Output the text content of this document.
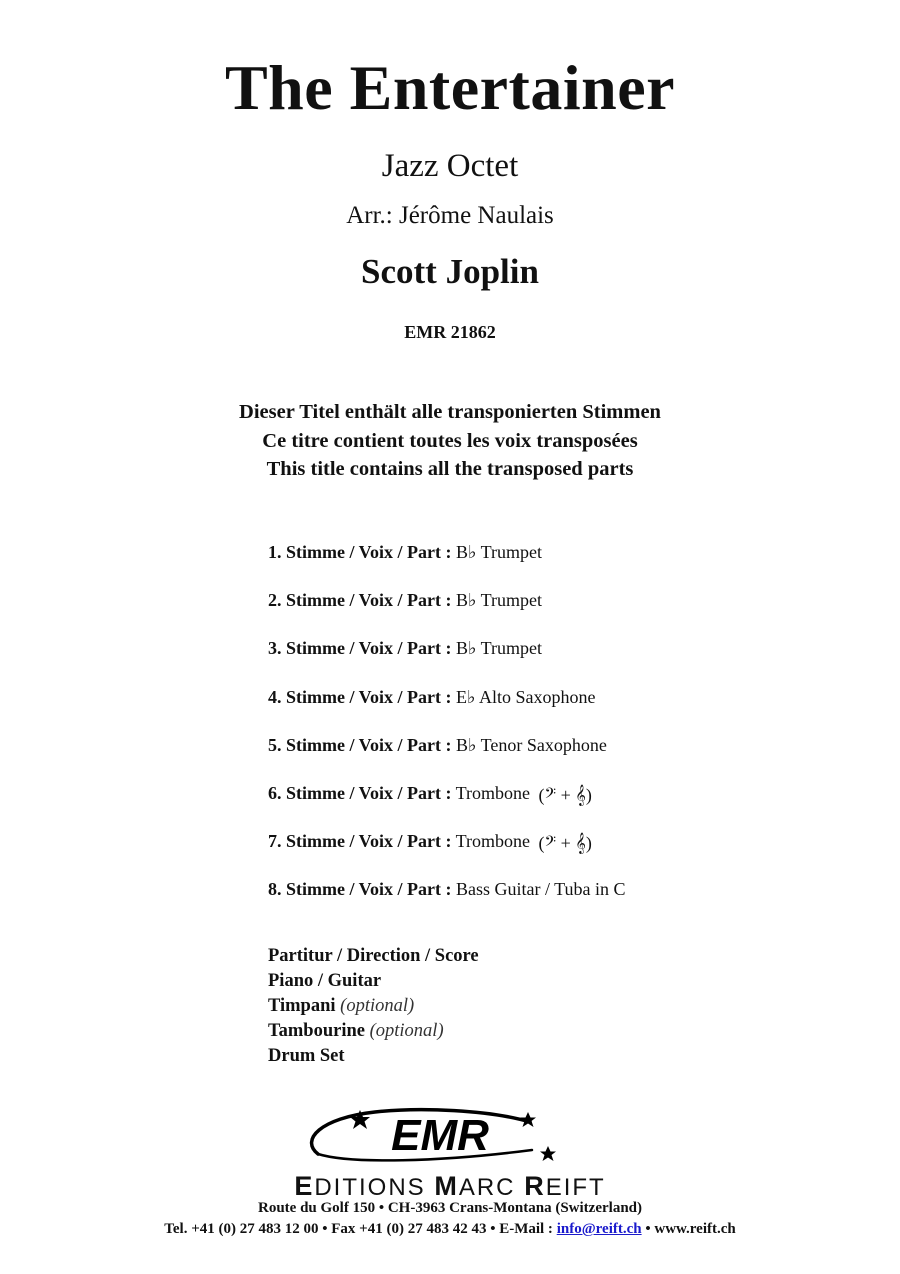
The Entertainer
Jazz Octet
Arr.: Jérôme Naulais
Scott Joplin
EMR 21862
Dieser Titel enthält alle transponierten Stimmen
Ce titre contient toutes les voix transposées
This title contains all the transposed parts
1. Stimme / Voix / Part : B♭ Trumpet
2. Stimme / Voix / Part : B♭ Trumpet
3. Stimme / Voix / Part : B♭ Trumpet
4. Stimme / Voix / Part : E♭ Alto Saxophone
5. Stimme / Voix / Part : B♭ Tenor Saxophone
6. Stimme / Voix / Part : Trombone (𝄢 + 𝄞)
7. Stimme / Voix / Part : Trombone (𝄢 + 𝄞)
8. Stimme / Voix / Part : Bass Guitar / Tuba in C
Partitur / Direction / Score
Piano / Guitar
Timpani (optional)
Tambourine (optional)
Drum Set
EMR
EDITIONS MARC REIFT
Route du Golf 150 • CH-3963 Crans-Montana (Switzerland)
Tel. +41 (0) 27 483 12 00 • Fax +41 (0) 27 483 42 43 • E-Mail : info@reift.ch • www.reift.ch
